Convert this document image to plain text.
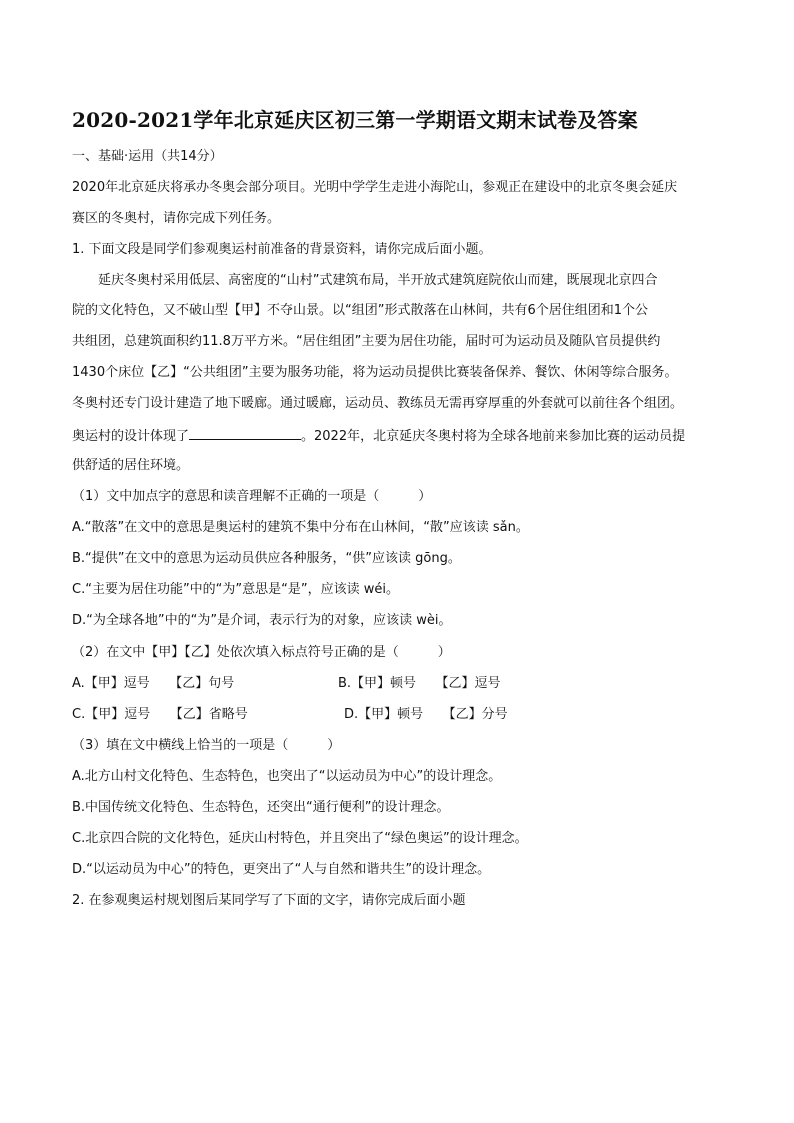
2020-2021学年北京延庆区初三第一学期语文期末试卷及答案
一、基础·运用（共14分）
2020年北京延庆将承办冬奥会部分项目。光明中学学生走进小海陀山，参观正在建设中的北京冬奥会延庆
赛区的冬奥村，请你完成下列任务。
1. 下面文段是同学们参观奥运村前准备的背景资料，请你完成后面小题。
延庆冬奥村采用低层、高密度的“山村”式建筑布局，半开放式建筑庭院依山而建，既展现北京四合
院的文化特色，又不破山型【甲】不夺山景。以“组团”形式散落在山林间，共有6个居住组团和1个公
共组团，总建筑面积约11.8万平方米。“居住组团”主要为居住功能，届时可为运动员及随队官员提供约
1430个床位【乙】“公共组团”主要为服务功能，将为运动员提供比赛装备保养、餐饮、休闲等综合服务。
冬奥村还专门设计建造了地下暖廊。通过暖廊，运动员、教练员无需再穿厚重的外套就可以前往各个组团。
奥运村的设计体现了	。2022年，北京延庆冬奥村将为全球各地前来参加比赛的运动员提
供舒适的居住环境。
（1）文中加点字的意思和读音理解不正确的一项是（　　　）
A.“散落”在文中的意思是奥运村的建筑不集中分布在山林间，“散”应该读 sǎn。
B.“提供”在文中的意思为运动员供应各种服务，“供”应该读 gōng。
C.“主要为居住功能”中的“为”意思是“是”，应该读 wéi。
D.“为全球各地”中的“为”是介词，表示行为的对象，应该读 wèi。
（2）在文中【甲】【乙】处依次填入标点符号正确的是（　　　）
A.【甲】逗号　　【乙】句号	B.【甲】顿号　　【乙】逗号
C.【甲】逗号　　【乙】省略号	D.【甲】顿号　　【乙】分号
（3）填在文中横线上恰当的一项是（　　　）
A.北方山村文化特色、生态特色，也突出了“以运动员为中心”的设计理念。
B.中国传统文化特色、生态特色，还突出“通行便利”的设计理念。
C.北京四合院的文化特色，延庆山村特色，并且突出了“绿色奥运”的设计理念。
D.“以运动员为中心”的特色，更突出了“人与自然和谐共生”的设计理念。
2. 在参观奥运村规划图后某同学写了下面的文字，请你完成后面小题
